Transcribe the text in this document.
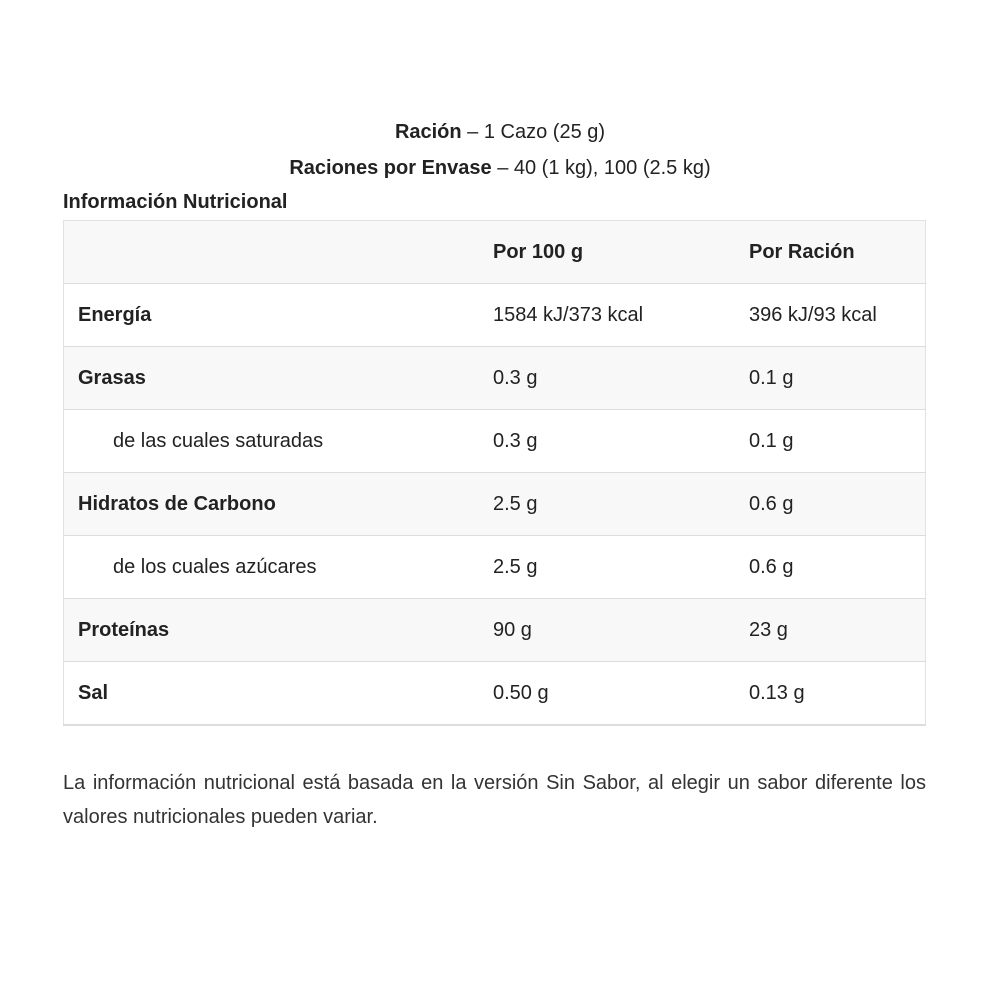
Ración – 1 Cazo (25 g)
Raciones por Envase – 40 (1 kg), 100 (2.5 kg)
Información Nutricional
	Por 100 g	Por Ración
Energía	1584 kJ/373 kcal	396 kJ/93 kcal
Grasas	0.3 g	0.1 g
de las cuales saturadas	0.3 g	0.1 g
Hidratos de Carbono	2.5 g	0.6 g
de los cuales azúcares	2.5 g	0.6 g
Proteínas	90 g	23 g
Sal	0.50 g	0.13 g
La información nutricional está basada en la versión Sin Sabor, al elegir un sabor diferente los valores nutricionales pueden variar.
